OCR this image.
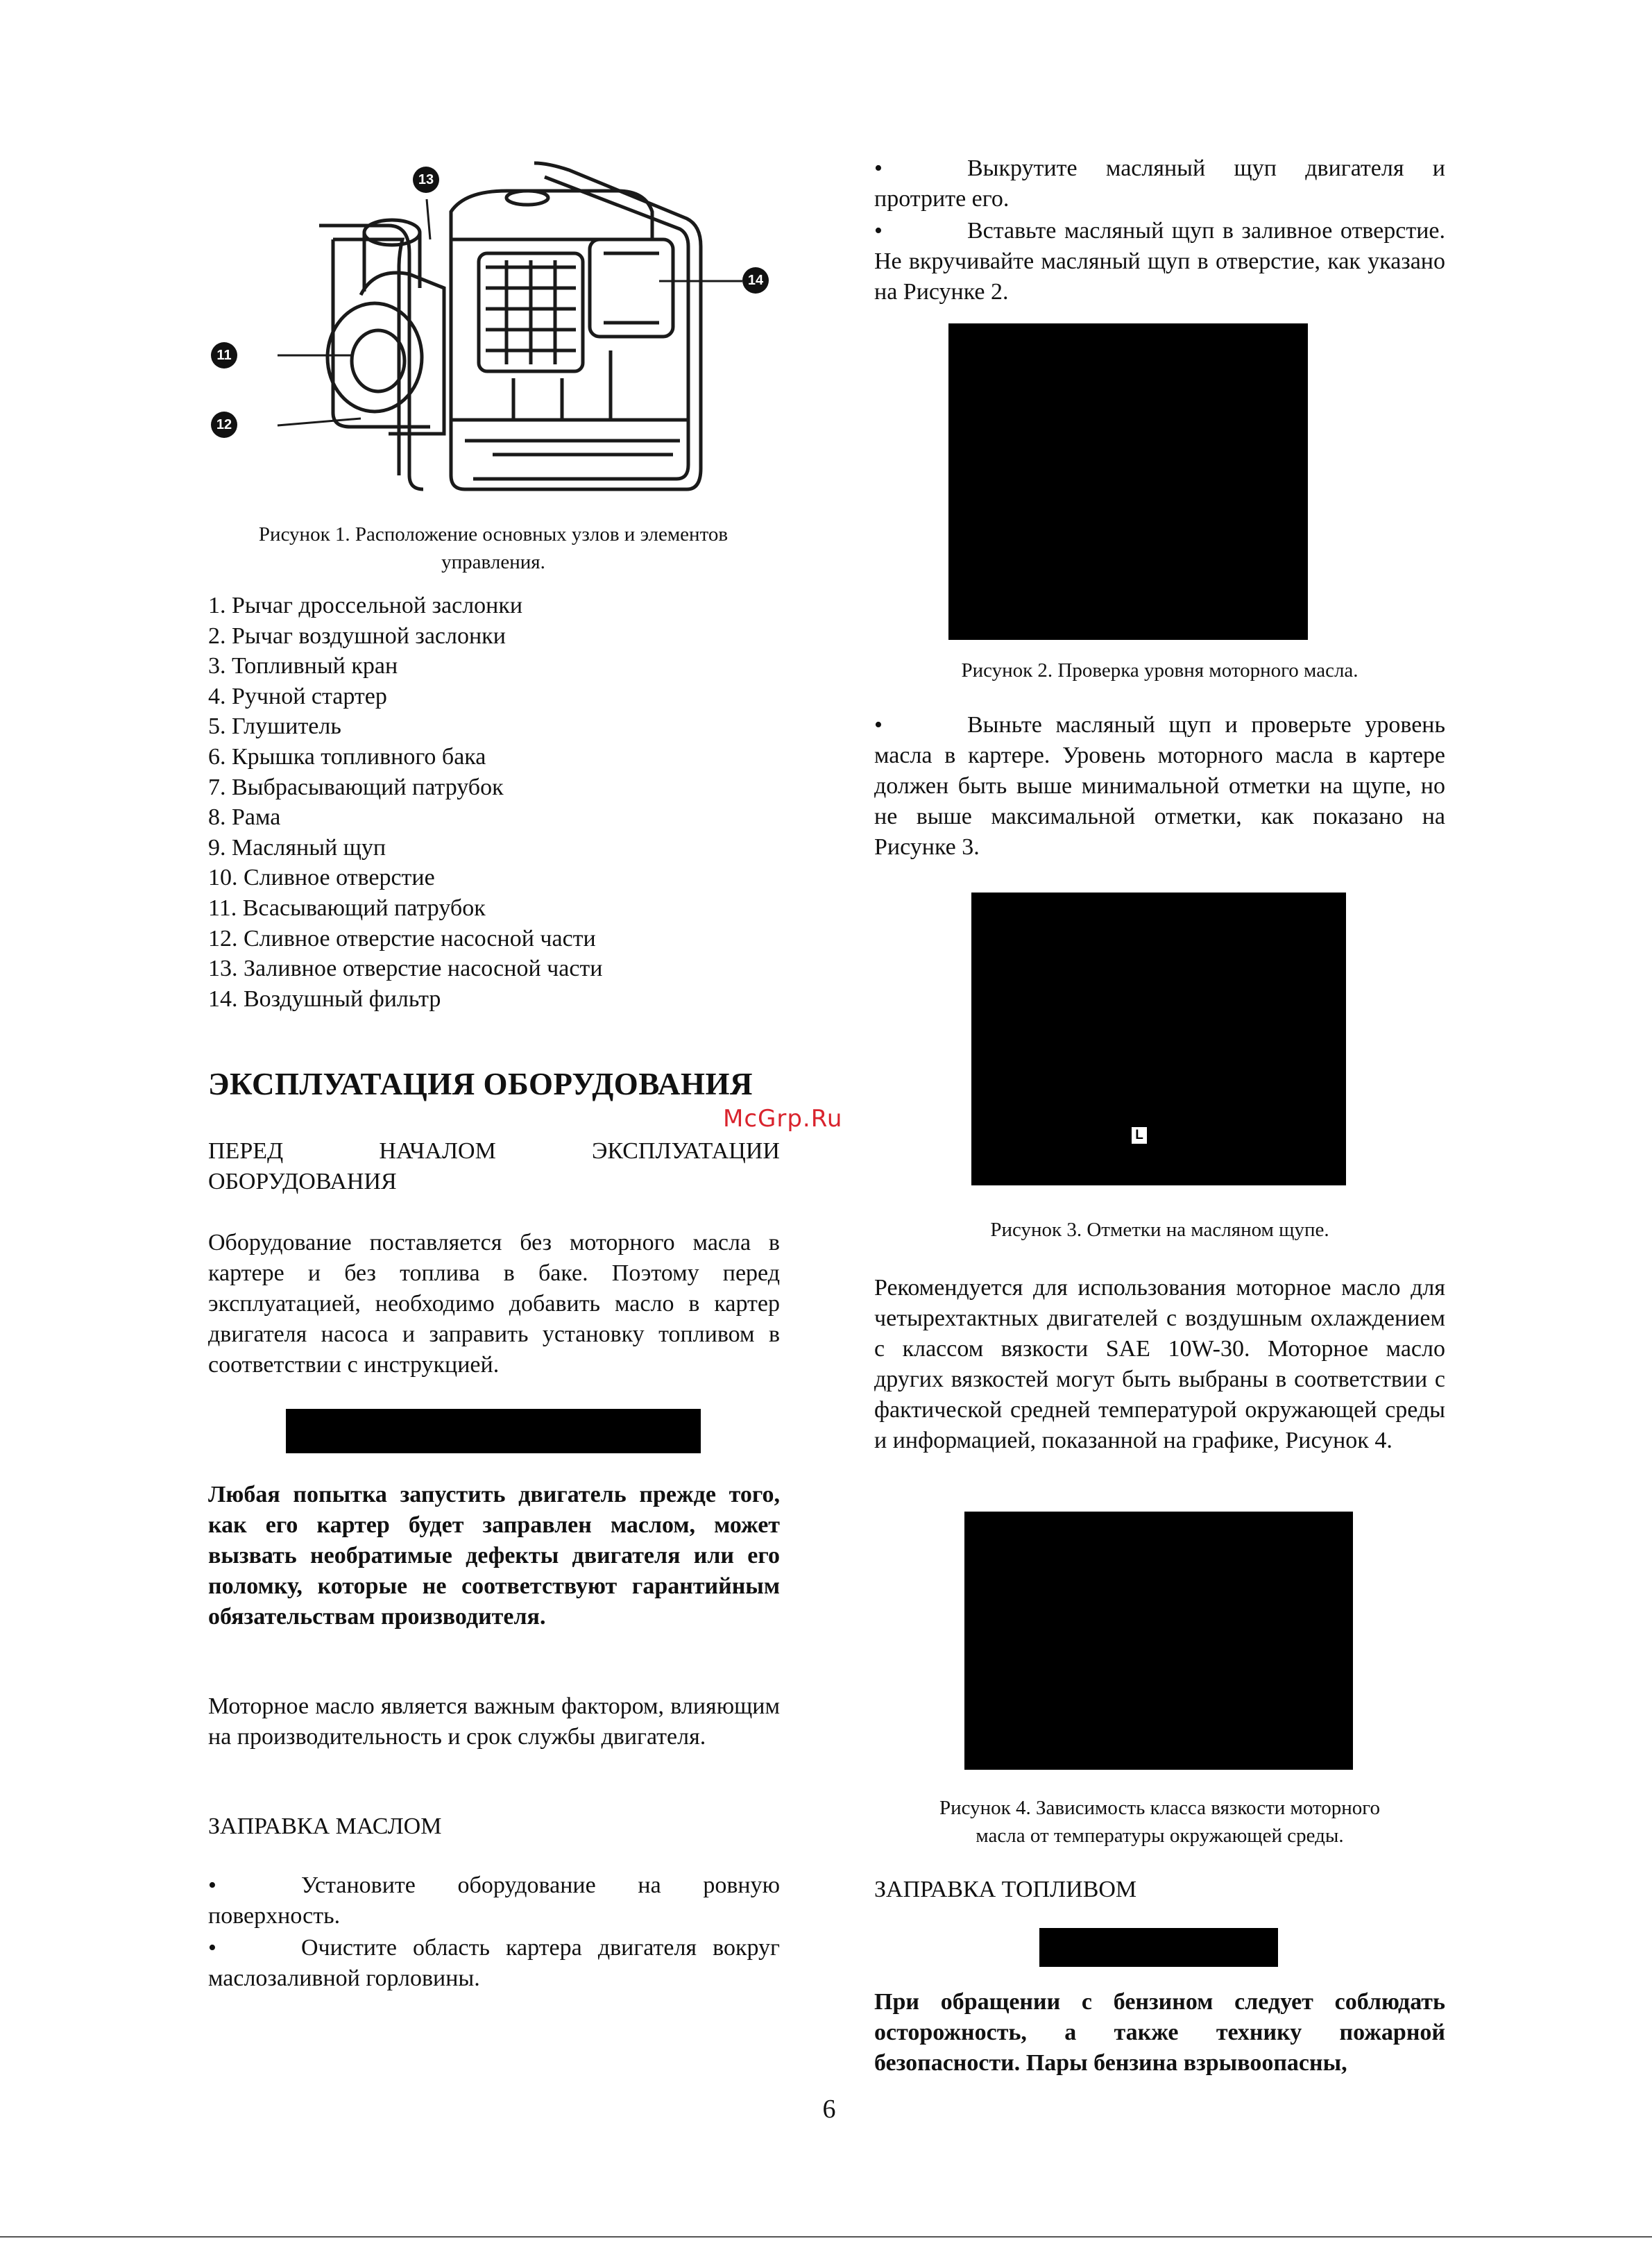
13
14
11
12
Рисунок 1. Расположение основных узлов и элементов
управления.
1. Рычаг дроссельной заслонки
2. Рычаг воздушной заслонки
3. Топливный кран
4. Ручной стартер
5. Глушитель
6. Крышка топливного бака
7. Выбрасывающий патрубок
8. Рама
9. Масляный щуп
10. Сливное отверстие
11. Всасывающий патрубок
12. Сливное отверстие насосной части
13. Заливное отверстие насосной части
14. Воздушный фильтр
ЭКСПЛУАТАЦИЯ ОБОРУДОВАНИЯ
McGrp.Ru
ПЕРЕД	НАЧАЛОМ	ЭКСПЛУАТАЦИИ
ОБОРУДОВАНИЯ

Оборудование поставляется без моторного масла в картере и без топлива в баке. Поэтому перед эксплуатацией, необходимо добавить масло в картер двигателя насоса и заправить установку топливом в соответствии с инструкцией.

Любая попытка запустить двигатель прежде того, как его картер будет заправлен маслом, может вызвать необратимые дефекты двигателя или его поломку, которые не соответствуют гарантийным обязательствам производителя.

Моторное масло является важным фактором, влияющим на производительность и срок службы двигателя.

ЗАПРАВКА МАСЛОМ

•	Установите оборудование на ровную поверхность.

•	Очистите область картера двигателя вокруг маслозаливной горловины.

•	Выкрутите масляный щуп двигателя и протрите его.

•	Вставьте масляный щуп в заливное отверстие. Не вкручивайте масляный щуп в отверстие, как указано на Рисунке 2.

Рисунок 2. Проверка уровня моторного масла.

•	Выньте масляный щуп и проверьте уровень масла в картере. Уровень моторного масла в картере должен быть выше минимальной отметки на щупе, но не выше максимальной отметки, как показано на Рисунке 3.

L
Рисунок 3. Отметки на масляном щупе.

Рекомендуется для использования моторное масло для четырехтактных двигателей с воздушным охлаждением с классом вязкости SAE 10W-30. Моторное масло других вязкостей могут быть выбраны в соответствии с фактической средней температурой окружающей среды и информацией, показанной на графике, Рисунок 4.

Рисунок 4. Зависимость класса вязкости моторного
масла от температуры окружающей среды.
ЗАПРАВКА ТОПЛИВОМ

При обращении с бензином следует соблюдать осторожность, а также технику пожарной безопасности. Пары бензина взрывоопасны,

6
